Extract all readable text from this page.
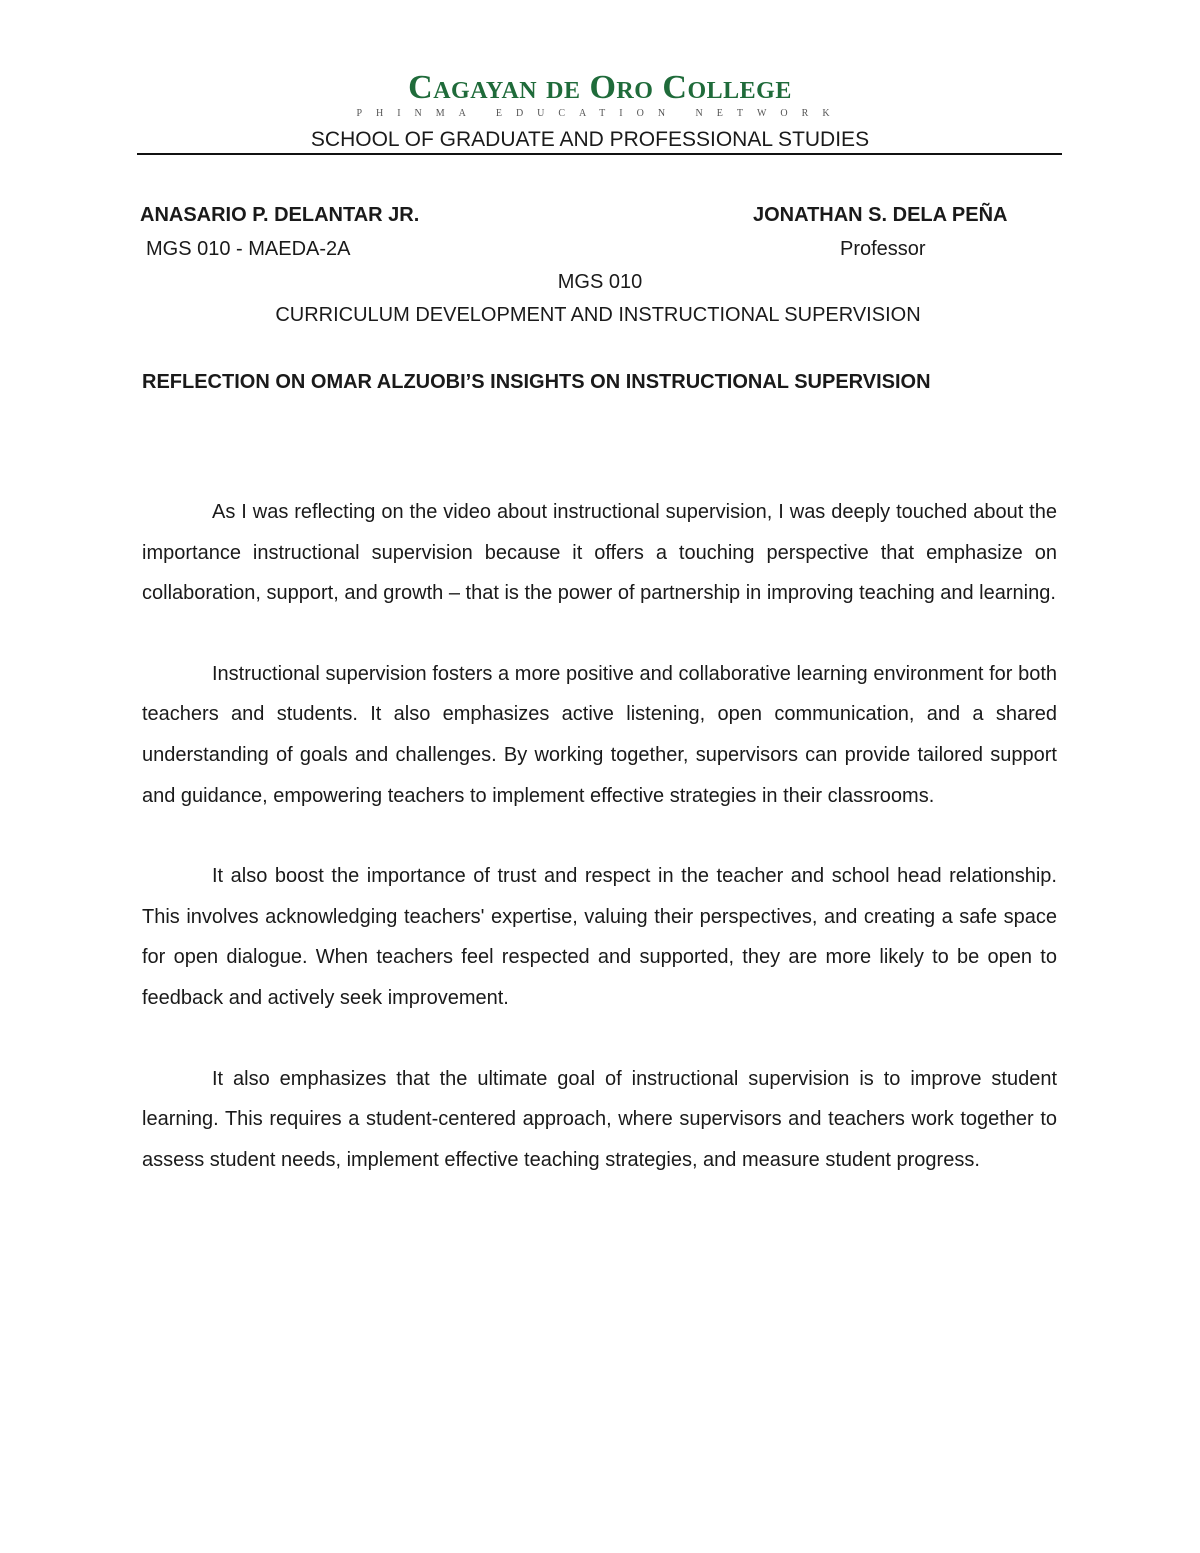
Cagayan de Oro College
PHINMA EDUCATION NETWORK
SCHOOL OF GRADUATE AND PROFESSIONAL STUDIES
ANASARIO P. DELANTAR JR.	JONATHAN S. DELA PEÑA
MGS 010 - MAEDA-2A	Professor
MGS 010
CURRICULUM DEVELOPMENT AND INSTRUCTIONAL SUPERVISION
REFLECTION ON OMAR ALZUOBI’S INSIGHTS ON INSTRUCTIONAL SUPERVISION

As I was reflecting on the video about instructional supervision, I was deeply touched about the importance instructional supervision because it offers a touching perspective that emphasize on collaboration, support, and growth – that is the power of partnership in improving teaching and learning.

Instructional supervision fosters a more positive and collaborative learning environment for both teachers and students. It also emphasizes active listening, open communication, and a shared understanding of goals and challenges. By working together, supervisors can provide tailored support and guidance, empowering teachers to implement effective strategies in their classrooms.

It also boost the importance of trust and respect in the teacher and school head relationship. This involves acknowledging teachers' expertise, valuing their perspectives, and creating a safe space for open dialogue. When teachers feel respected and supported, they are more likely to be open to feedback and actively seek improvement.

It also emphasizes that the ultimate goal of instructional supervision is to improve student learning. This requires a student-centered approach, where supervisors and teachers work together to assess student needs, implement effective teaching strategies, and measure student progress.
